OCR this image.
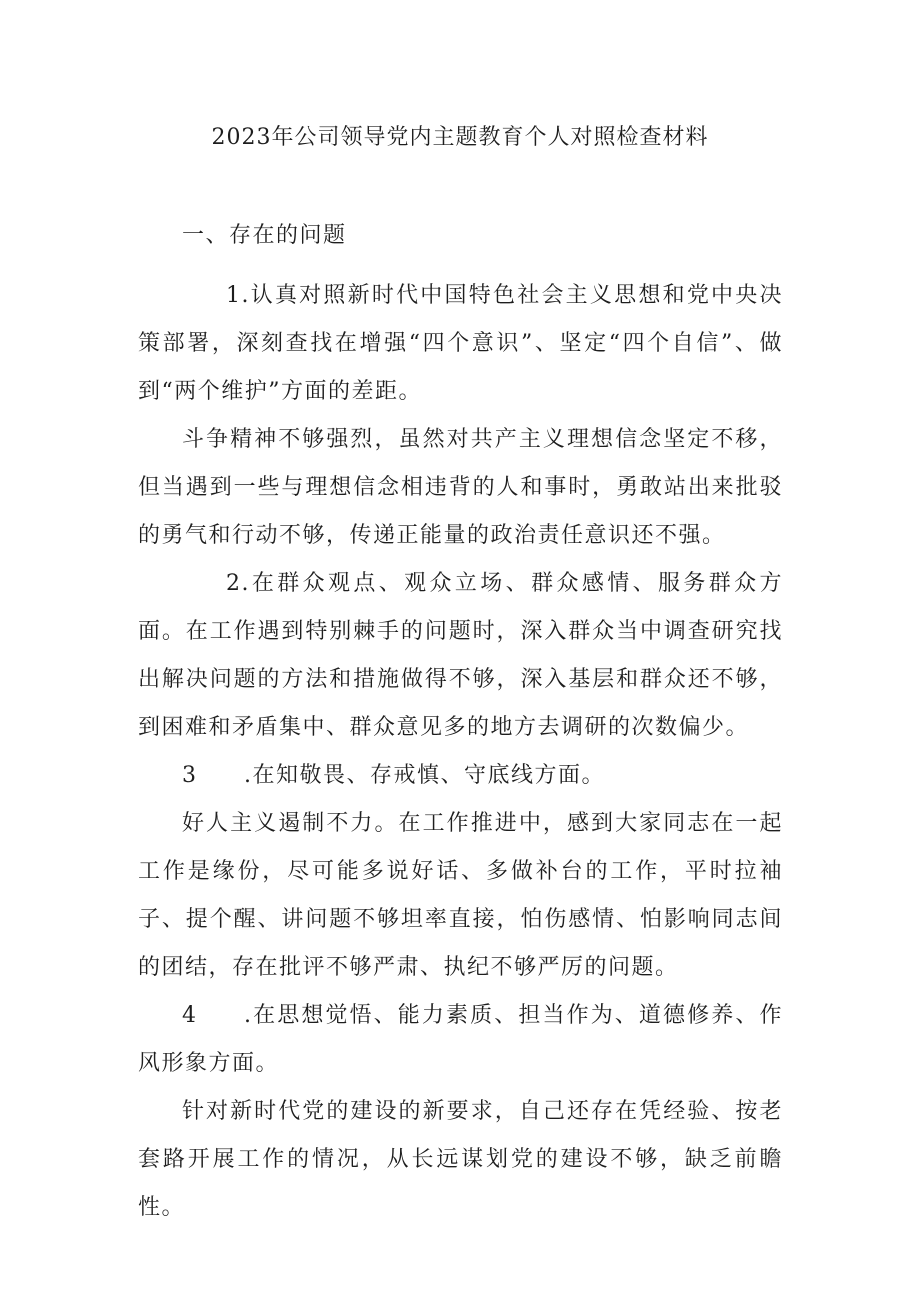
2023年公司领导党内主题教育个人对照检查材料

一、存在的问题

1.认真对照新时代中国特色社会主义思想和党中央决策部署，深刻查找在增强“四个意识”、坚定“四个自信”、做到“两个维护”方面的差距。

斗争精神不够强烈，虽然对共产主义理想信念坚定不移，但当遇到一些与理想信念相违背的人和事时，勇敢站出来批驳的勇气和行动不够，传递正能量的政治责任意识还不强。

2.在群众观点、观众立场、群众感情、服务群众方面。在工作遇到特别棘手的问题时，深入群众当中调查研究找出解决问题的方法和措施做得不够，深入基层和群众还不够，到困难和矛盾集中、群众意见多的地方去调研的次数偏少。

3 .在知敬畏、存戒慎、守底线方面。

好人主义遏制不力。在工作推进中，感到大家同志在一起工作是缘份，尽可能多说好话、多做补台的工作，平时拉袖子、提个醒、讲问题不够坦率直接，怕伤感情、怕影响同志间的团结，存在批评不够严肃、执纪不够严厉的问题。

4 .在思想觉悟、能力素质、担当作为、道德修养、作风形象方面。

针对新时代党的建设的新要求，自己还存在凭经验、按老套路开展工作的情况，从长远谋划党的建设不够，缺乏前瞻性。
